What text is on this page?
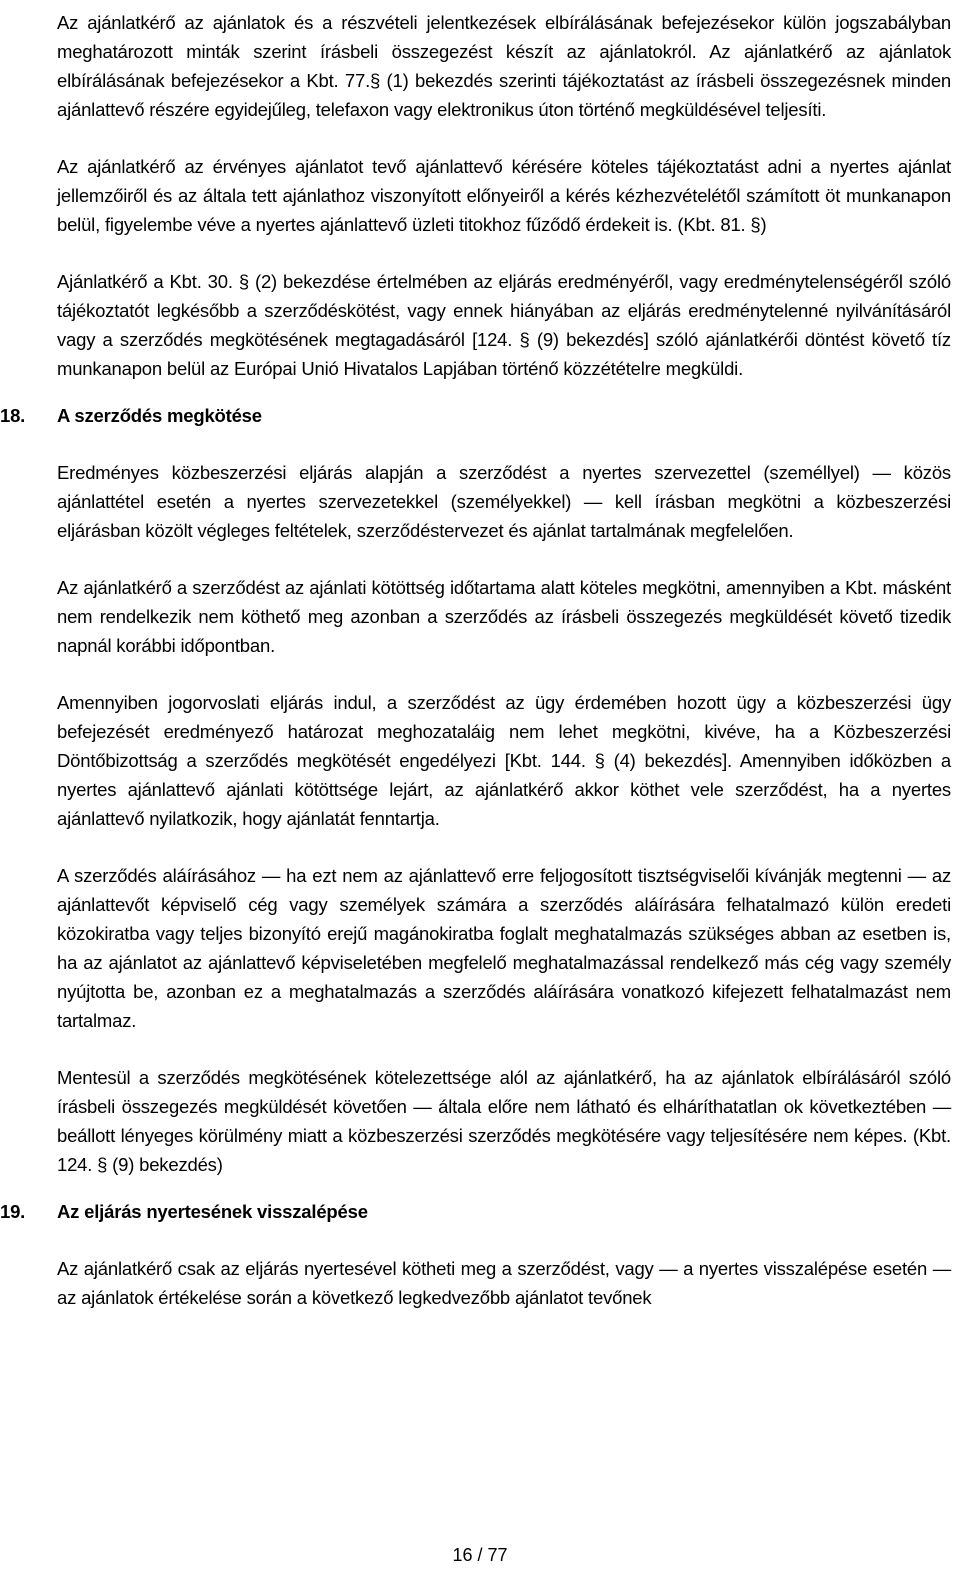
Az ajánlatkérő az ajánlatok és a részvételi jelentkezések elbírálásának befejezésekor külön jogszabályban meghatározott minták szerint írásbeli összegezést készít az ajánlatokról. Az ajánlatkérő az ajánlatok elbírálásának befejezésekor a Kbt. 77.§ (1) bekezdés szerinti tájékoztatást az írásbeli összegezésnek minden ajánlattevő részére egyidejűleg, telefaxon vagy elektronikus úton történő megküldésével teljesíti.

Az ajánlatkérő az érvényes ajánlatot tevő ajánlattevő kérésére köteles tájékoztatást adni a nyertes ajánlat jellemzőiről és az általa tett ajánlathoz viszonyított előnyeiről a kérés kézhezvételétől számított öt munkanapon belül, figyelembe véve a nyertes ajánlattevő üzleti titokhoz fűződő érdekeit is. (Kbt. 81. §)

Ajánlatkérő a Kbt. 30. § (2) bekezdése értelmében az eljárás eredményéről, vagy eredménytelenségéről szóló tájékoztatót legkésőbb a szerződéskötést, vagy ennek hiányában az eljárás eredménytelenné nyilvánításáról vagy a szerződés megkötésének megtagadásáról [124. § (9) bekezdés] szóló ajánlatkérői döntést követő tíz munkanapon belül az Európai Unió Hivatalos Lapjában történő közzétételre megküldi.

18.	A szerződés megkötése

Eredményes közbeszerzési eljárás alapján a szerződést a nyertes szervezettel (személlyel) — közös ajánlattétel esetén a nyertes szervezetekkel (személyekkel) — kell írásban megkötni a közbeszerzési eljárásban közölt végleges feltételek, szerződéstervezet és ajánlat tartalmának megfelelően.

Az ajánlatkérő a szerződést az ajánlati kötöttség időtartama alatt köteles megkötni, amennyiben a Kbt. másként nem rendelkezik nem köthető meg azonban a szerződés az írásbeli összegezés megküldését követő tizedik napnál korábbi időpontban.

Amennyiben jogorvoslati eljárás indul, a szerződést az ügy érdemében hozott ügy a közbeszerzési ügy befejezését eredményező határozat meghozataláig nem lehet megkötni, kivéve, ha a Közbeszerzési Döntőbizottság a szerződés megkötését engedélyezi [Kbt. 144. § (4) bekezdés]. Amennyiben időközben a nyertes ajánlattevő ajánlati kötöttsége lejárt, az ajánlatkérő akkor köthet vele szerződést, ha a nyertes ajánlattevő nyilatkozik, hogy ajánlatát fenntartja.

A szerződés aláírásához — ha ezt nem az ajánlattevő erre feljogosított tisztségviselői kívánják megtenni — az ajánlattevőt képviselő cég vagy személyek számára a szerződés aláírására felhatalmazó külön eredeti közokiratba vagy teljes bizonyító erejű magánokiratba foglalt meghatalmazás szükséges abban az esetben is, ha az ajánlatot az ajánlattevő képviseletében megfelelő meghatalmazással rendelkező más cég vagy személy nyújtotta be, azonban ez a meghatalmazás a szerződés aláírására vonatkozó kifejezett felhatalmazást nem tartalmaz.

Mentesül a szerződés megkötésének kötelezettsége alól az ajánlatkérő, ha az ajánlatok elbírálásáról szóló írásbeli összegezés megküldését követően — általa előre nem látható és elháríthatatlan ok következtében — beállott lényeges körülmény miatt a közbeszerzési szerződés megkötésére vagy teljesítésére nem képes. (Kbt. 124. § (9) bekezdés)

19.	Az eljárás nyertesének visszalépése

Az ajánlatkérő csak az eljárás nyertesével kötheti meg a szerződést, vagy — a nyertes visszalépése esetén — az ajánlatok értékelése során a következő legkedvezőbb ajánlatot tevőnek

16 / 77
